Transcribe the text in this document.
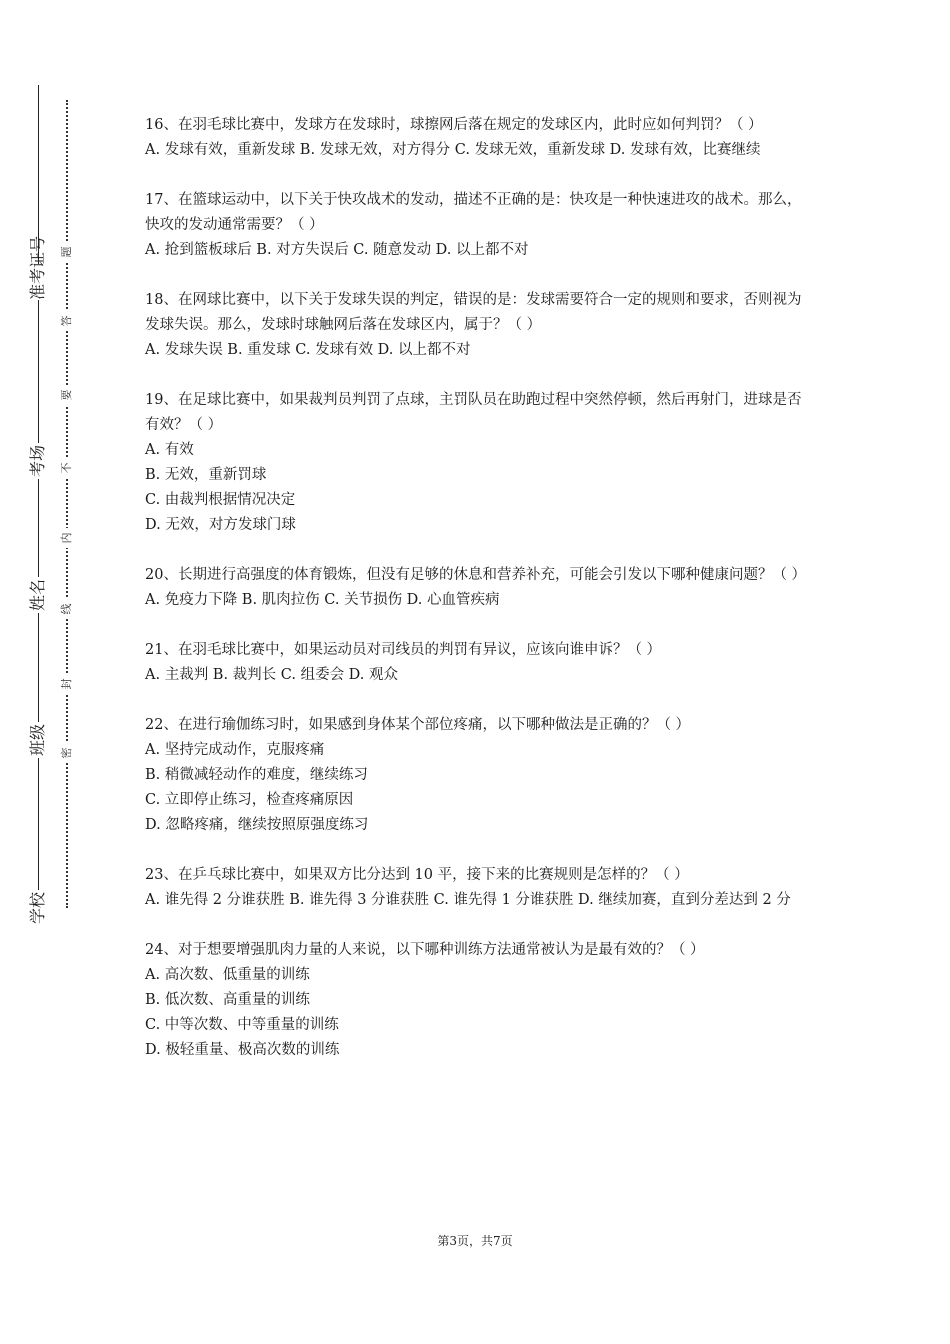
准考证号
考场
姓名
班级
学校
题
答
要
不
内
线
封
密

16、在羽毛球比赛中，发球方在发球时，球擦网后落在规定的发球区内，此时应如何判罚？（ ）

A. 发球有效，重新发球 B. 发球无效，对方得分 C. 发球无效，重新发球 D. 发球有效，比赛继续

17、在篮球运动中，以下关于快攻战术的发动，描述不正确的是：快攻是一种快速进攻的战术。那么，快攻的发动通常需要？（ ）

A. 抢到篮板球后 B. 对方失误后 C. 随意发动 D. 以上都不对

18、在网球比赛中，以下关于发球失误的判定，错误的是：发球需要符合一定的规则和要求，否则视为发球失误。那么，发球时球触网后落在发球区内，属于？（ ）

A. 发球失误 B. 重发球 C. 发球有效 D. 以上都不对

19、在足球比赛中，如果裁判员判罚了点球，主罚队员在助跑过程中突然停顿，然后再射门，进球是否有效？（ ）

A. 有效
B. 无效，重新罚球
C. 由裁判根据情况决定
D. 无效，对方发球门球

20、长期进行高强度的体育锻炼，但没有足够的休息和营养补充，可能会引发以下哪种健康问题？（ ）

A. 免疫力下降 B. 肌肉拉伤 C. 关节损伤 D. 心血管疾病

21、在羽毛球比赛中，如果运动员对司线员的判罚有异议，应该向谁申诉？（ ）

A. 主裁判 B. 裁判长 C. 组委会 D. 观众

22、在进行瑜伽练习时，如果感到身体某个部位疼痛，以下哪种做法是正确的？（ ）

A. 坚持完成动作，克服疼痛
B. 稍微减轻动作的难度，继续练习
C. 立即停止练习，检查疼痛原因
D. 忽略疼痛，继续按照原强度练习

23、在乒乓球比赛中，如果双方比分达到 10 平，接下来的比赛规则是怎样的？（ ）

A. 谁先得 2 分谁获胜 B. 谁先得 3 分谁获胜 C. 谁先得 1 分谁获胜 D. 继续加赛，直到分差达到 2 分

24、对于想要增强肌肉力量的人来说，以下哪种训练方法通常被认为是最有效的？（ ）

A. 高次数、低重量的训练
B. 低次数、高重量的训练
C. 中等次数、中等重量的训练
D. 极轻重量、极高次数的训练

第3页，共7页
